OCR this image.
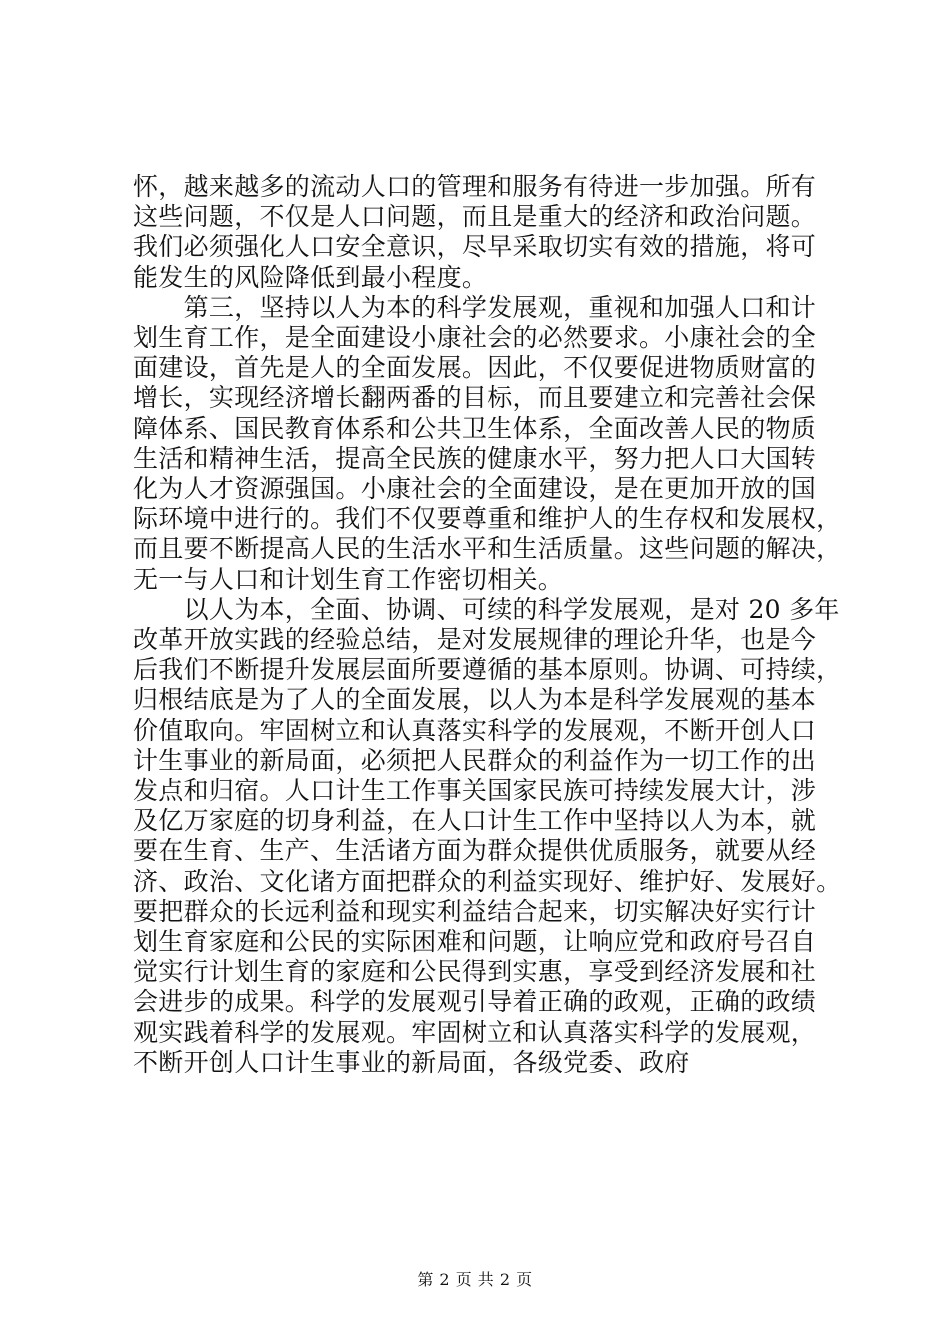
怀，越来越多的流动人口的管理和服务有待进一步加强。所有
这些问题，不仅是人口问题，而且是重大的经济和政治问题。
我们必须强化人口安全意识，尽早采取切实有效的措施，将可
能发生的风险降低到最小程度。
　　第三，坚持以人为本的科学发展观，重视和加强人口和计
划生育工作，是全面建设小康社会的必然要求。小康社会的全
面建设，首先是人的全面发展。因此，不仅要促进物质财富的
增长，实现经济增长翻两番的目标，而且要建立和完善社会保
障体系、国民教育体系和公共卫生体系，全面改善人民的物质
生活和精神生活，提高全民族的健康水平，努力把人口大国转
化为人才资源强国。小康社会的全面建设，是在更加开放的国
际环境中进行的。我们不仅要尊重和维护人的生存权和发展权，
而且要不断提高人民的生活水平和生活质量。这些问题的解决，
无一与人口和计划生育工作密切相关。
　　以人为本，全面、协调、可续的科学发展观，是对 20 多年
改革开放实践的经验总结，是对发展规律的理论升华，也是今
后我们不断提升发展层面所要遵循的基本原则。协调、可持续，
归根结底是为了人的全面发展，以人为本是科学发展观的基本
价值取向。牢固树立和认真落实科学的发展观，不断开创人口
计生事业的新局面，必须把人民群众的利益作为一切工作的出
发点和归宿。人口计生工作事关国家民族可持续发展大计，涉
及亿万家庭的切身利益，在人口计生工作中坚持以人为本，就
要在生育、生产、生活诸方面为群众提供优质服务，就要从经
济、政治、文化诸方面把群众的利益实现好、维护好、发展好。
要把群众的长远利益和现实利益结合起来，切实解决好实行计
划生育家庭和公民的实际困难和问题，让响应党和政府号召自
觉实行计划生育的家庭和公民得到实惠，享受到经济发展和社
会进步的成果。科学的发展观引导着正确的政观，正确的政绩
观实践着科学的发展观。牢固树立和认真落实科学的发展观，
不断开创人口计生事业的新局面，各级党委、政府
第 2 页 共 2 页
